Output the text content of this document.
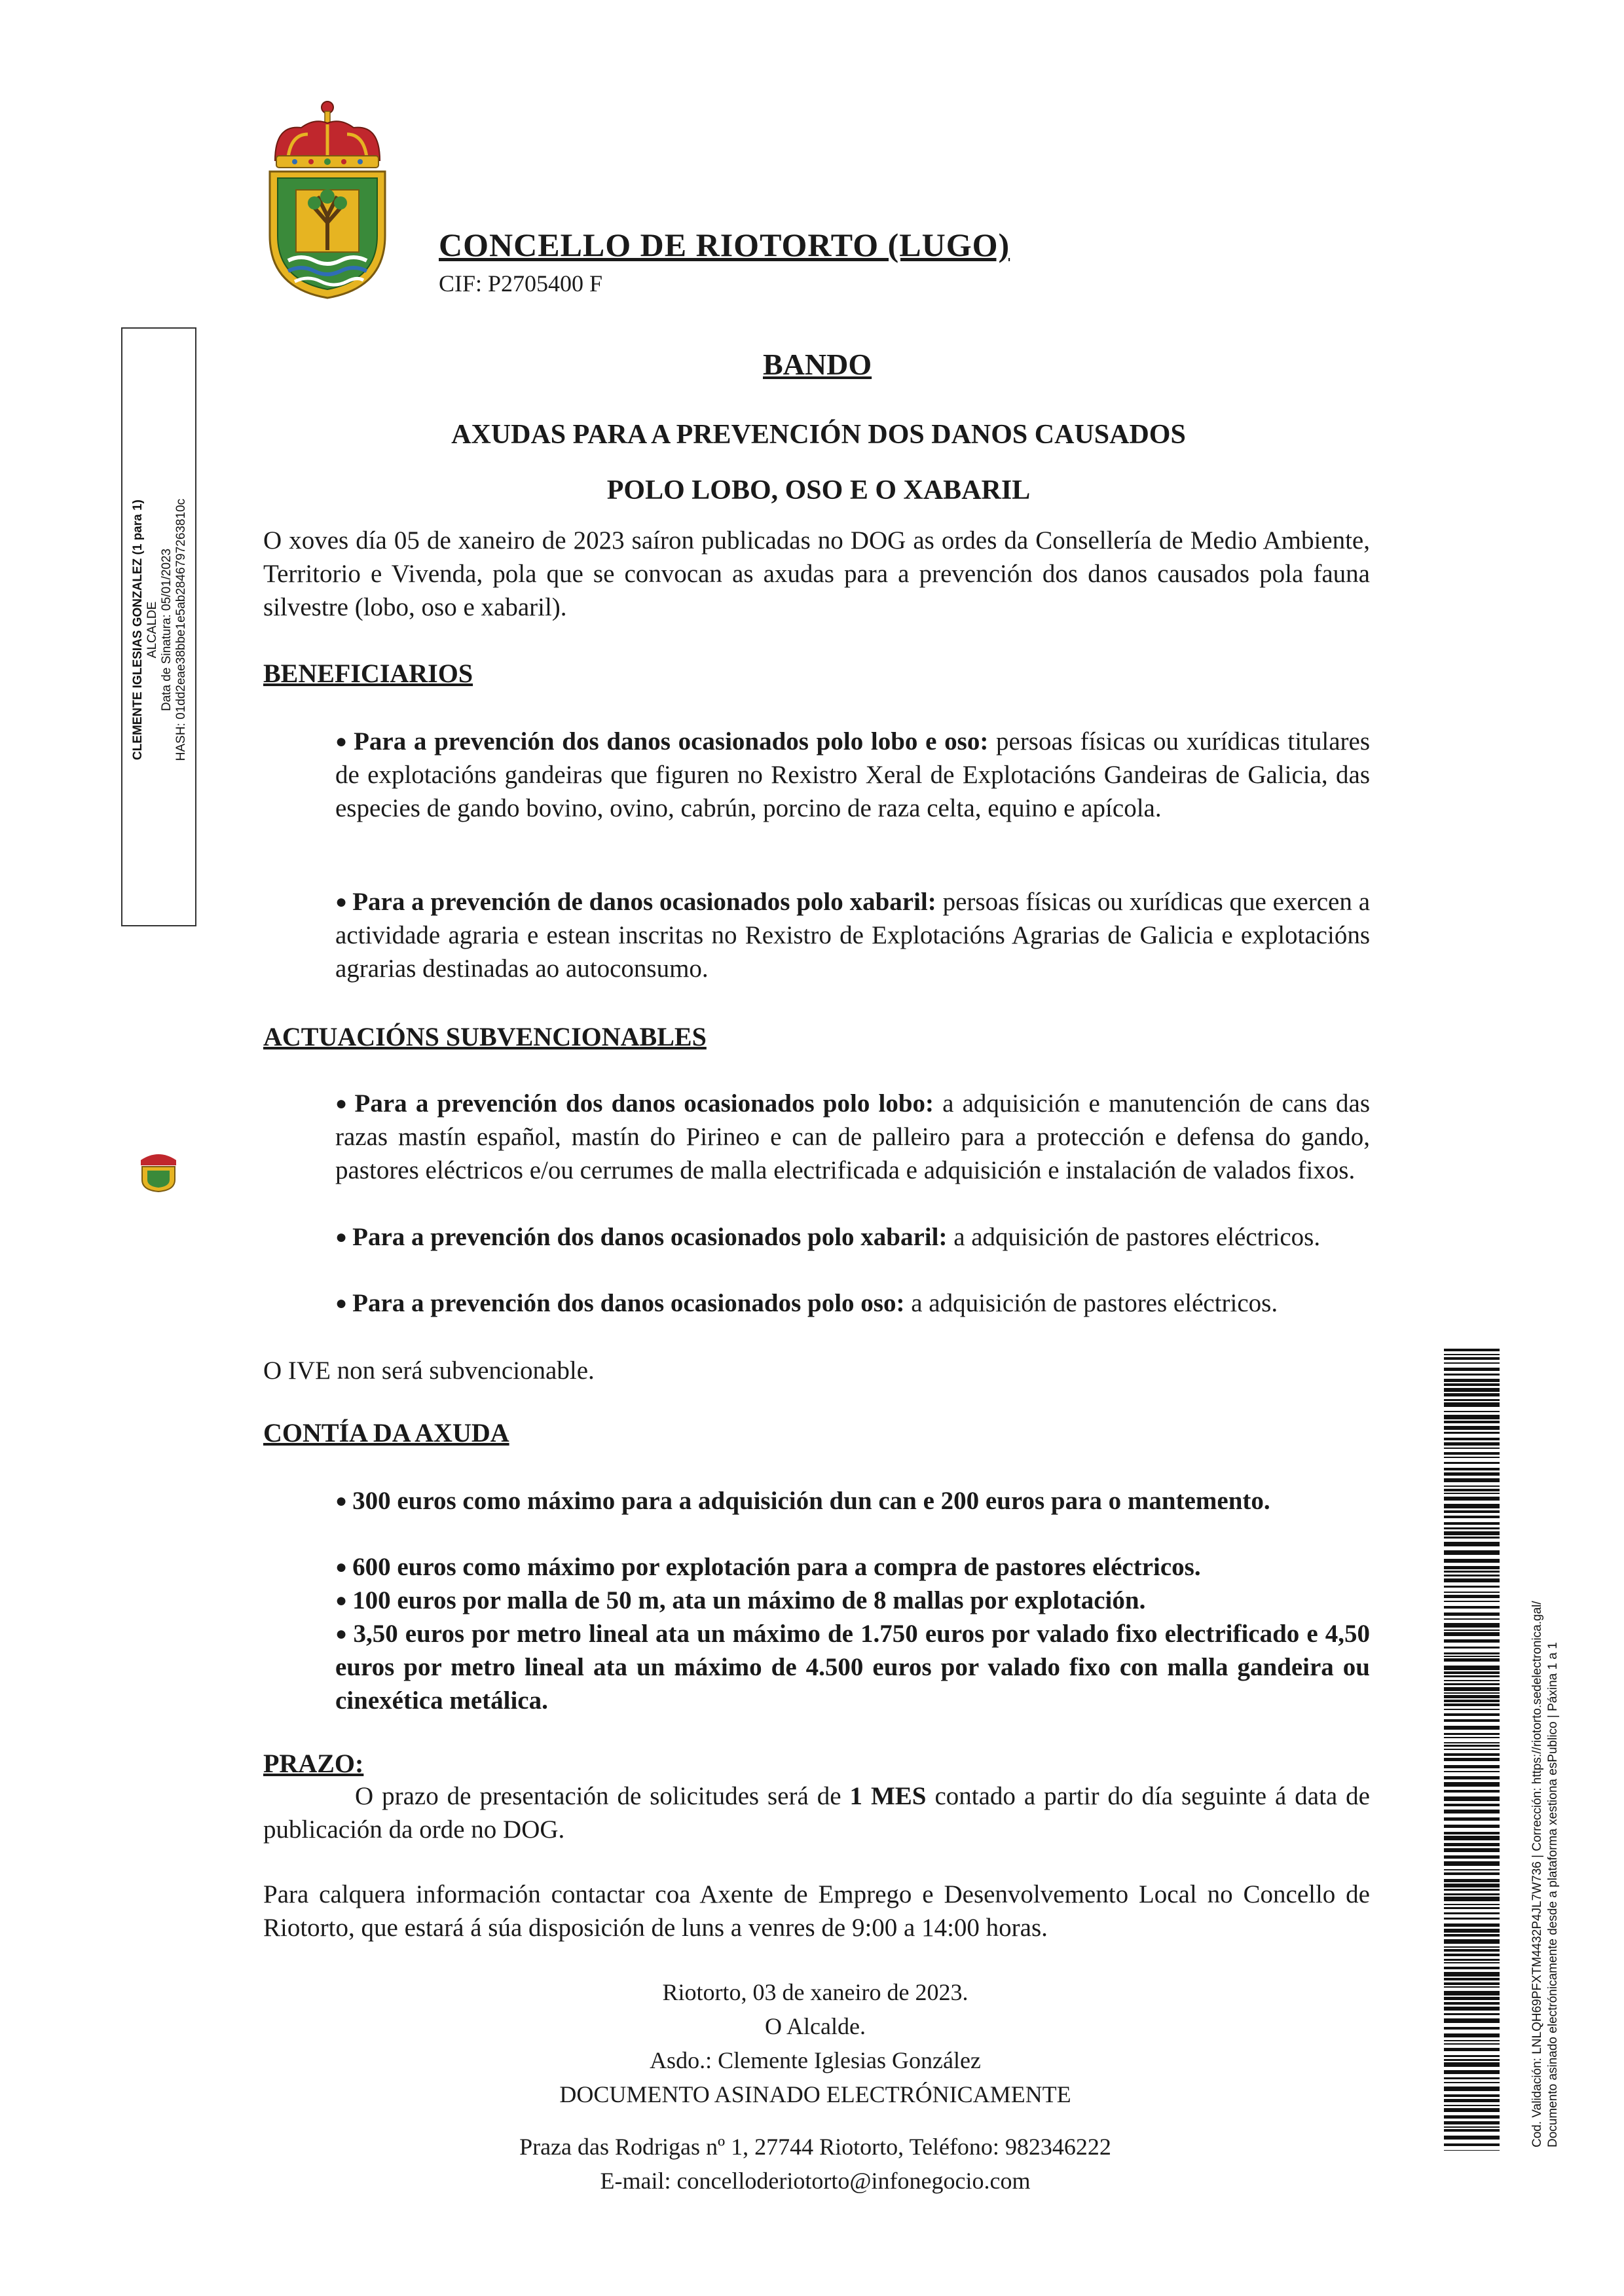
CONCELLO DE RIOTORTO (LUGO)
CIF: P2705400 F
CLEMENTE IGLESIAS GONZALEZ (1 para 1) ALCALDE Data de Sinatura: 05/01/2023 HASH: 01dd2eae38bbe1e5ab2846797263810c
BANDO
AXUDAS PARA A PREVENCIÓN DOS DANOS CAUSADOS
POLO LOBO, OSO E O XABARIL
O xoves día 05 de xaneiro de 2023 saíron publicadas no DOG as ordes da Consellería de Medio Ambiente, Territorio e Vivenda, pola que se convocan as axudas para a prevención dos danos causados pola fauna silvestre (lobo, oso e xabaril).
BENEFICIARIOS
● Para a prevención dos danos ocasionados polo lobo e oso: persoas físicas ou xurídicas titulares de explotacións gandeiras que figuren no Rexistro Xeral de Explotacións Gandeiras de Galicia, das especies de gando bovino, ovino, cabrún, porcino de raza celta, equino e apícola.
● Para a prevención de danos ocasionados polo xabaril: persoas físicas ou xurídicas que exercen a actividade agraria e estean inscritas no Rexistro de Explotacións Agrarias de Galicia e explotacións agrarias destinadas ao autoconsumo.
ACTUACIÓNS SUBVENCIONABLES
● Para a prevención dos danos ocasionados polo lobo: a adquisición e manutención de cans das razas mastín español, mastín do Pirineo e can de palleiro para a protección e defensa do gando, pastores eléctricos e/ou cerrumes de malla electrificada e adquisición e instalación de valados fixos.
● Para a prevención dos danos ocasionados polo xabaril: a adquisición de pastores eléctricos.
● Para a prevención dos danos ocasionados polo oso: a adquisición de pastores eléctricos.
O IVE non será subvencionable.
CONTÍA DA AXUDA
● 300 euros como máximo para a adquisición dun can e 200 euros para o mantemento.
● 600 euros como máximo por explotación para a compra de pastores eléctricos.
● 100 euros por malla de 50 m, ata un máximo de 8 mallas por explotación.
● 3,50 euros por metro lineal ata un máximo de 1.750 euros por valado fixo electrificado e 4,50 euros por metro lineal ata un máximo de 4.500 euros por valado fixo con malla gandeira ou cinexética metálica.
PRAZO:
O prazo de presentación de solicitudes será de 1 MES contado a partir do día seguinte á data de publicación da orde no DOG.
Para calquera información contactar coa Axente de Emprego e Desenvolvemento Local no Concello de Riotorto, que estará á súa disposición de luns a venres de 9:00 a 14:00 horas.
Riotorto, 03 de xaneiro de 2023.
O Alcalde.
Asdo.: Clemente Iglesias González
DOCUMENTO ASINADO ELECTRÓNICAMENTE
Praza das Rodrigas nº 1, 27744 Riotorto, Teléfono: 982346222
E-mail: concelloderiotorto@infonegocio.com
Cod. Validación: LNLQH69PFXTM4432P4JL7W736 | Corrección: https://riotorto.sedelectronica.gal/ Documento asinado electrónicamente desde a plataforma xestiona esPublico | Páxina 1 a 1
